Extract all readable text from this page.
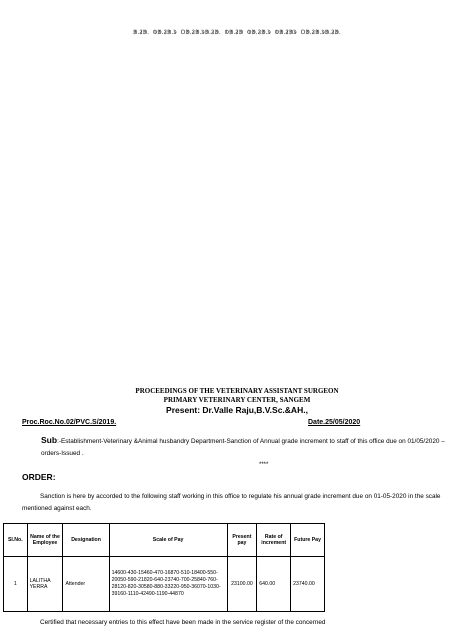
ᱟᱹᱲᱟᱹ ᱵᱟᱹᱲᱟᱹᱨ ᱛᱟᱹᱲᱟᱹᱨᱟᱹᱲᱟᱹ ᱵᱟᱹᱲᱟ ᱵᱟᱹᱲᱟᱹᱨ ᱵᱟᱹᱲᱟᱨ ᱛᱟᱹᱲᱟᱹᱨᱟᱹᱲᱟᱹ
PROCEEDINGS OF THE VETERINARY ASSISTANT SURGEON
PRIMARY VETERINARY CENTER, SANGEM
Present: Dr.Valle Raju,B.V.Sc.&AH.,
Proc.Roc.No.02/PVC.S/2019.	Date.25/05/2020
Sub:-Establishment-Veterinary &Animal husbandry Department-Sanction of Annual grade increment to staff of this office due on 01/05/2020 –orders-Issued .
****
ORDER:
Sanction is here by accorded to the following staff working in this office to regulate his annual grade increment due on 01-05-2020 in the scale mentioned against each.
Sl.No.	Name of the Employee	Designation	Scale of Pay	Present pay	Rate of increment	Future Pay
1	LALITHA YERRA	Attender	14600-430-15460-470-16870-510-18400-550-20050-590-21820-640-23740-700-25840-760-28120-820-30580-880-33220-950-36070-1030-39160-1110-42490-1190-44870	23100.00	640.00	23740.00
Certified that necessary entries to this effect have been made in the service register of the concerned
